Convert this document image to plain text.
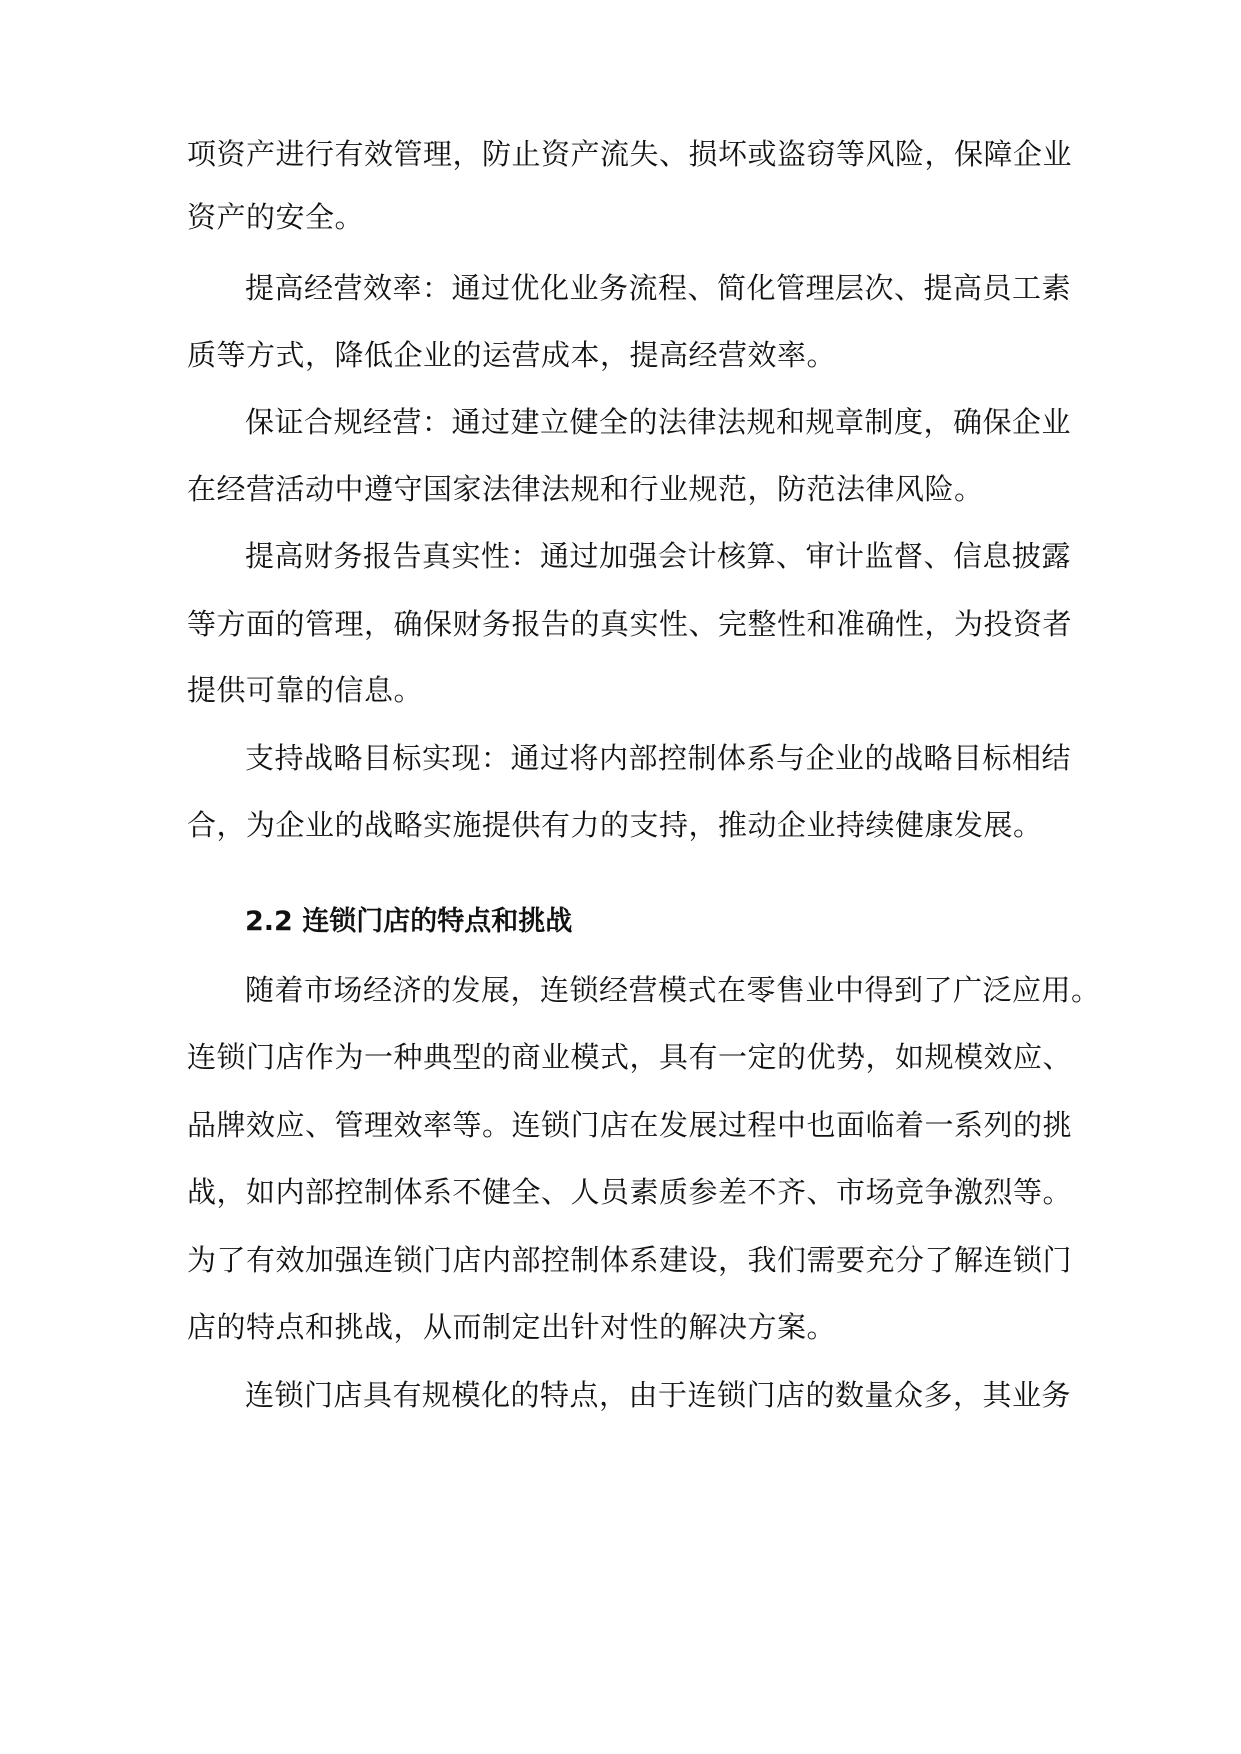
项资产进行有效管理，防止资产流失、损坏或盗窃等风险，保障企业
资产的安全。
提高经营效率：通过优化业务流程、简化管理层次、提高员工素
质等方式，降低企业的运营成本，提高经营效率。
保证合规经营：通过建立健全的法律法规和规章制度，确保企业
在经营活动中遵守国家法律法规和行业规范，防范法律风险。
提高财务报告真实性：通过加强会计核算、审计监督、信息披露
等方面的管理，确保财务报告的真实性、完整性和准确性，为投资者
提供可靠的信息。
支持战略目标实现：通过将内部控制体系与企业的战略目标相结
合，为企业的战略实施提供有力的支持，推动企业持续健康发展。
2.2 连锁门店的特点和挑战
随着市场经济的发展，连锁经营模式在零售业中得到了广泛应用。
连锁门店作为一种典型的商业模式，具有一定的优势，如规模效应、
品牌效应、管理效率等。连锁门店在发展过程中也面临着一系列的挑
战，如内部控制体系不健全、人员素质参差不齐、市场竞争激烈等。
为了有效加强连锁门店内部控制体系建设，我们需要充分了解连锁门
店的特点和挑战，从而制定出针对性的解决方案。
连锁门店具有规模化的特点，由于连锁门店的数量众多，其业务
